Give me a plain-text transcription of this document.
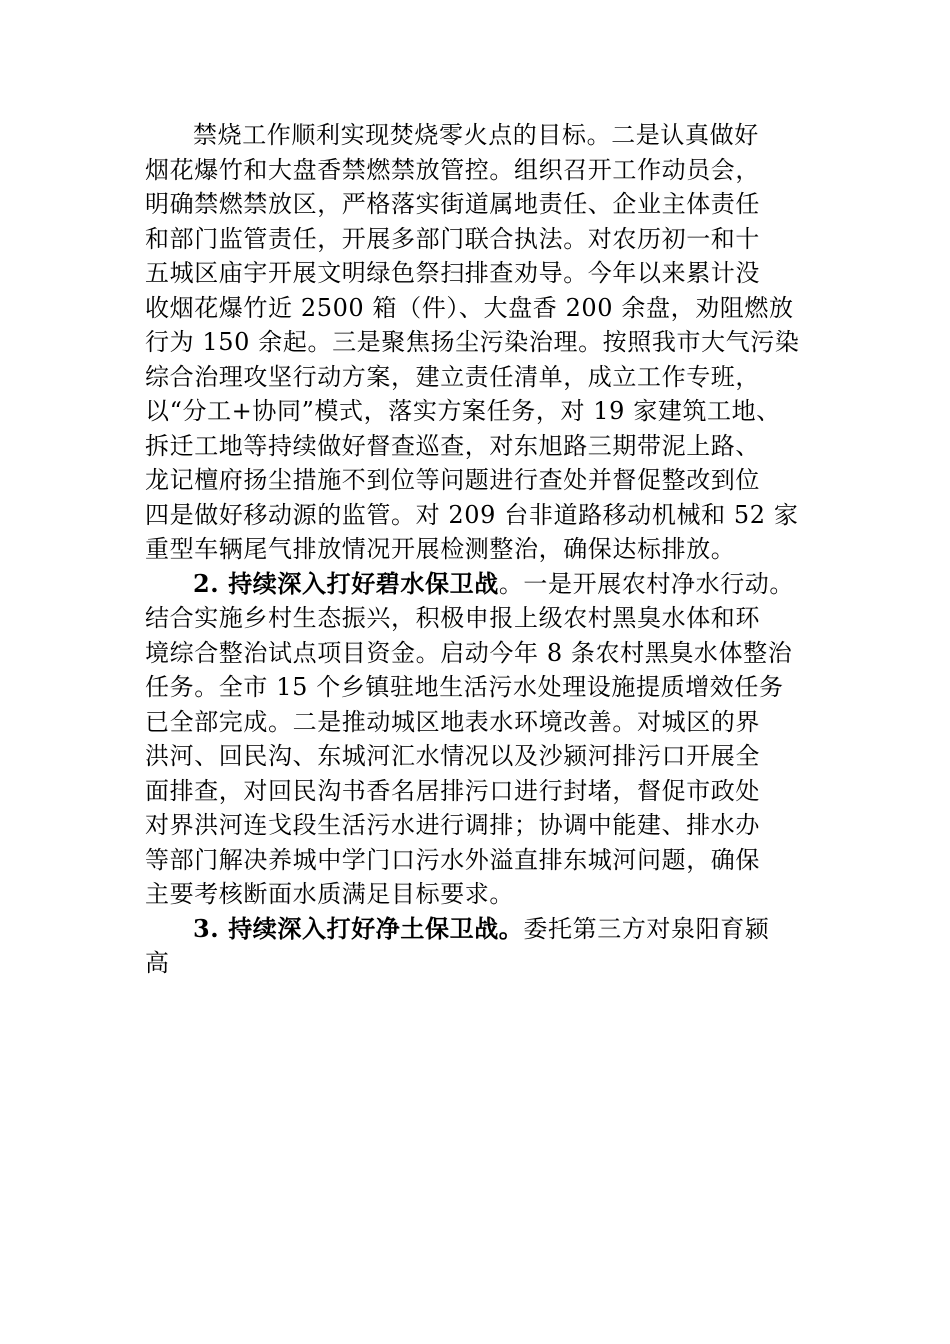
禁烧工作顺利实现焚烧零火点的目标。二是认真做好
烟花爆竹和大盘香禁燃禁放管控。组织召开工作动员会，
明确禁燃禁放区，严格落实街道属地责任、企业主体责任
和部门监管责任，开展多部门联合执法。对农历初一和十
五城区庙宇开展文明绿色祭扫排查劝导。今年以来累计没
收烟花爆竹近 2500 箱（件）、大盘香 200 余盘，劝阻燃放
行为 150 余起。三是聚焦扬尘污染治理。按照我市大气污染
综合治理攻坚行动方案，建立责任清单，成立工作专班，
以“分工+协同”模式，落实方案任务，对 19 家建筑工地、
拆迁工地等持续做好督查巡查，对东旭路三期带泥上路、
龙记檀府扬尘措施不到位等问题进行查处并督促整改到位
四是做好移动源的监管。对 209 台非道路移动机械和 52 家
重型车辆尾气排放情况开展检测整治，确保达标排放。
2. 持续深入打好碧水保卫战。一是开展农村净水行动。
结合实施乡村生态振兴，积极申报上级农村黑臭水体和环
境综合整治试点项目资金。启动今年 8 条农村黑臭水体整治
任务。全市 15 个乡镇驻地生活污水处理设施提质增效任务
已全部完成。二是推动城区地表水环境改善。对城区的界
洪河、回民沟、东城河汇水情况以及沙颍河排污口开展全
面排查，对回民沟书香名居排污口进行封堵，督促市政处
对界洪河连戈段生活污水进行调排；协调中能建、排水办
等部门解决养城中学门口污水外溢直排东城河问题，确保
主要考核断面水质满足目标要求。
3. 持续深入打好净土保卫战。委托第三方对泉阳育颍
高
